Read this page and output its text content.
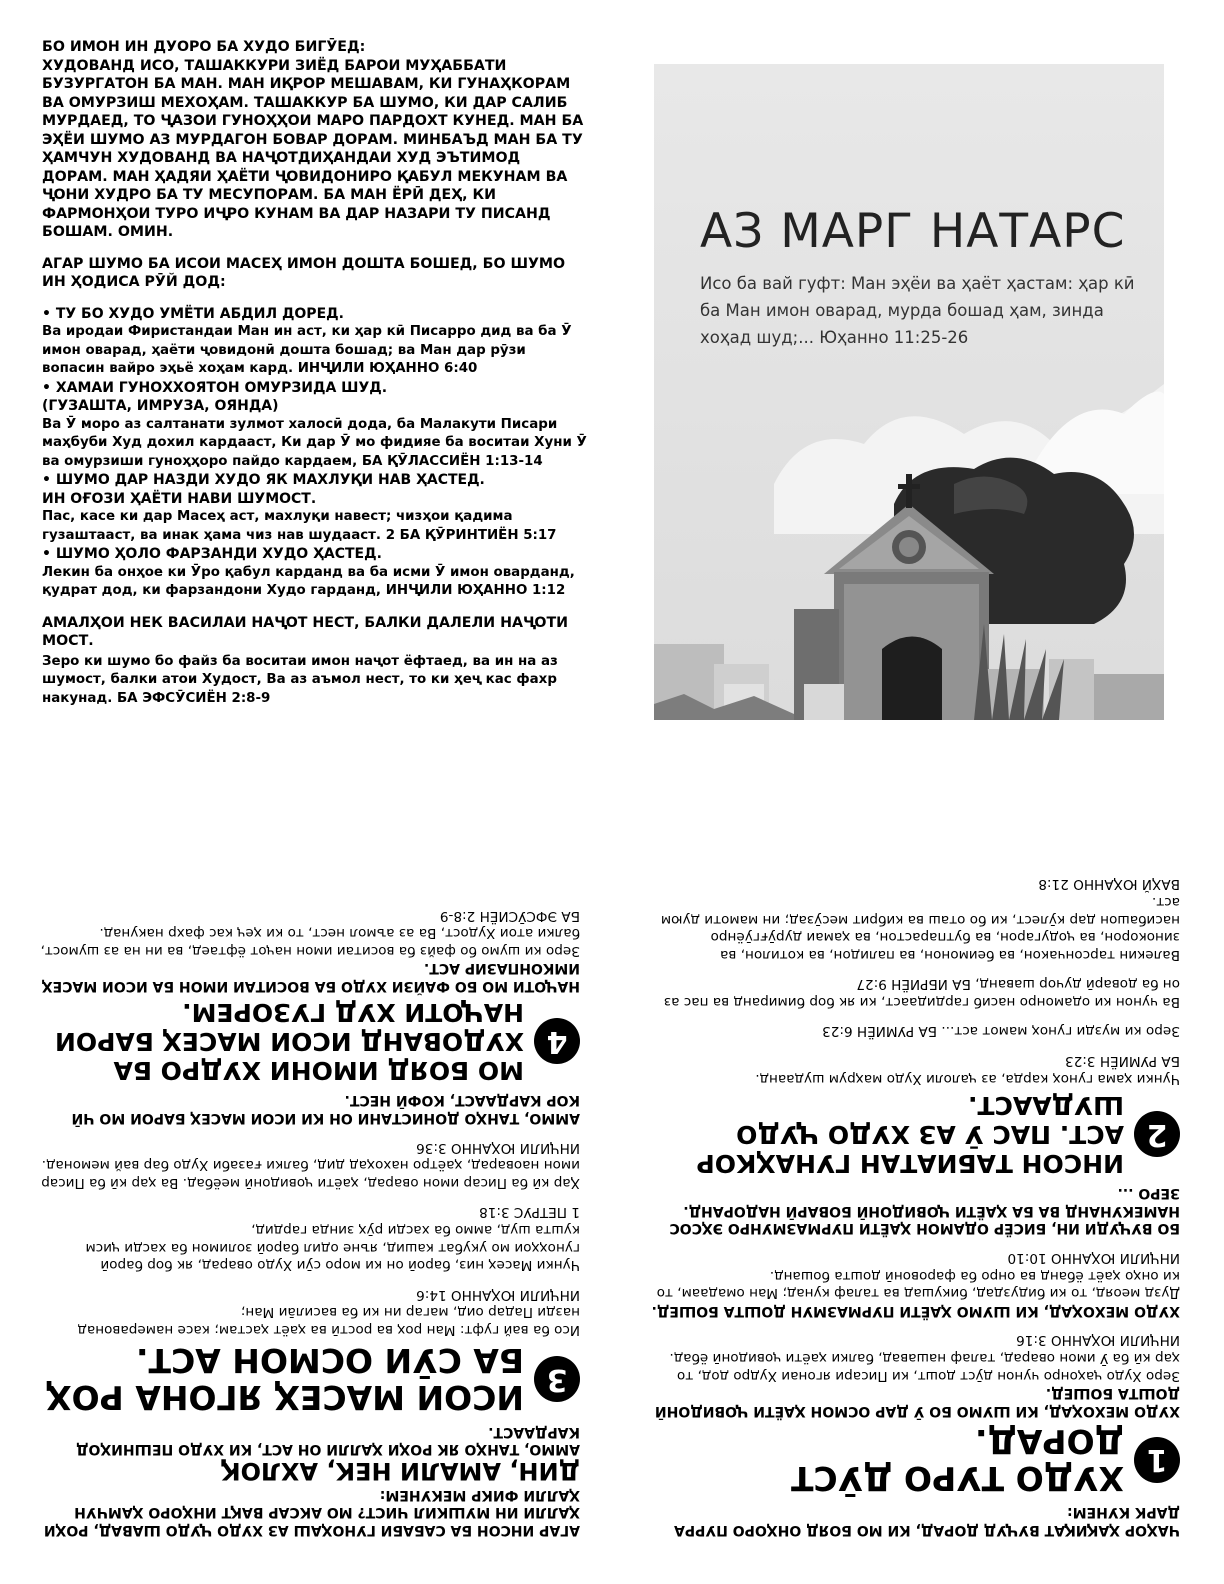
БО ИМОН ИН ДУОРО БА ХУДО БИГӮЕД:
ХУДОВАНД ИСО, ТАШАККУРИ ЗИЁД БАРОИ МУҲАББАТИ БУЗУРГАТОН БА МАН. МАН ИҚРОР МЕШАВАМ, КИ ГУНАҲКОРАМ ВА ОМУРЗИШ МЕХОҲАМ. ТАШАККУР БА ШУМО, КИ ДАР САЛИБ МУРДАЕД, ТО ҶАЗОИ ГУНОҲҲОИ МАРО ПАРДОХТ КУНЕД. МАН БА ЭҲЁИ ШУМО АЗ МУРДАГОН БОВАР ДОРАМ. МИНБАЪД МАН БА ТУ ҲАМЧУН ХУДОВАНД ВА НАҶОТДИҲАНДАИ ХУД ЭЪТИМОД ДОРАМ. МАН ҲАДЯИ ҲАЁТИ ҶОВИДОНИРО ҚАБУЛ МЕКУНАМ ВА ҶОНИ ХУДРО БА ТУ МЕСУПОРАМ. БА МАН ЁРӢ ДЕҲ, КИ ФАРМОНҲОИ ТУРО ИҶРО КУНАМ ВА ДАР НАЗАРИ ТУ ПИСАНД БОШАМ. ОМИН.

АГАР ШУМО БА ИСОИ МАСЕҲ ИМОН ДОШТА БОШЕД, БО ШУМО ИН ҲОДИСА РӮЙ ДОД:

• ТУ БО ХУДО УМЁТИ АБДИЛ ДОРЕД.

Ва иродаи Фиристандаи Ман ин аст, ки ҳар кӣ Писарро дид ва ба Ӯ имон оварад, ҳаёти ҷовидонӣ дошта бошад; ва Ман дар рӯзи вопасин вайро эҳьё хоҳам кард. ИНҶИЛИ ЮҲАННО 6:40

• ХАМАИ ГУНОХХОЯТОН ОМУРЗИДА ШУД.

(ГУЗАШТА, ИМРУЗА, ОЯНДА)

Ва Ӯ моро аз салтанати зулмот халосӣ дода, ба Малакути Писари маҳбуби Худ дохил кардааст, Ки дар Ӯ мо фидияе ба воситаи Хуни Ӯ ва омурзиши гуноҳҳоро пайдо кардаем, БА ҚӮЛАССИЁН 1:13-14

• ШУМО ДАР НАЗДИ ХУДО ЯК МАХЛУҚИ НАВ ҲАСТЕД.

ИН ОҒОЗИ ҲАЁТИ НАВИ ШУМОСТ.

Пас, касе ки дар Масеҳ аст, махлуқи навест; чизҳои қадима гузаштааст, ва инак ҳама чиз нав шудааст. 2 БА ҚӮРИНТИЁН 5:17

• ШУМО ҲОЛО ФАРЗАНДИ ХУДО ҲАСТЕД.

Лекин ба онҳое ки Ӯро қабул карданд ва ба исми Ӯ имон оварданд, қудрат дод, ки фарзандони Худо гарданд, ИНҶИЛИ ЮҲАННО 1:12

АМАЛҲОИ НЕК ВАСИЛАИ НАҶОТ НЕСТ, БАЛКИ ДАЛЕЛИ НАҶОТИ МОСТ.

Зеро ки шумо бо файз ба воситаи имон наҷот ёфтаед, ва ин на аз шумост, балки атои Худост, Ва аз аъмол нест, то ки ҳеҷ кас фахр накунад. БА ЭФСӮСИЁН 2:8-9

АЗ МАРГ НАТАРС
Исо ба вай гуфт: Ман эҳёи ва ҳаёт ҳастам: ҳар кӣ ба Ман имон оварад, мурда бошад ҳам, зинда хоҳад шуд;... Юҳанно 11:25-26

АГАР ИНСОН БА САБАБИ ГУНОҲАШ АЗ ХУДО ҶУДО ШАВАД, РОҲИ ҲАЛЛИ ИН МУШКИЛ ЧИСТ? МО АКСАР ВАҚТ ИНҲОРО ҲАМЧУН ҲАЛЛИ ФИКР МЕКУНЕМ:

ДИН, АМАЛИ НЕК, АХЛОҚ

АММО, ТАНҲО ЯК РОҲИ ҲАЛЛИ ОН АСТ, КИ ХУДО ПЕШНИҲОД КАРДААСТ.

3
ИСОИ МАСЕҲ ЯГОНА РОҲ БА СӮИ ОСМОН АСТ.

Исо ба вай гуфт: Ман роҳ ва ростӣ ва ҳаёт ҳастам; касе намеравонад назди Падар оид, магар ин ки ба васила̄и Ман;

ИНҶИЛИ ЮҲАННО 14:6

Чунки Масеҳ низ, бароӣ он ки моро сӯи Худо оварад, як бор бароӣ гуноҳҳои мо укубат кашид, яъне одил бароӣ золимон ба хасди ҷисм кушта шуд, аммо ба хасди рӯҳ зинда гардид,

1 ПЕТРУС 3:18

Ҳар кӣ ба Писар имон оварад, ҳаёти ҷовидонӣ меёбад. Ва ҳар кӣ ба Писар имон наоварад, ҳаётро нахоҳад дид, балки ғазаби Худо бар вай мемонад.

ИНҶИЛИ ЮҲАННО 3:36

АММО, ТАНҲО ДОНИСТАНИ ОН КИ ИСОИ МАСЕҲ БАРОИ МО ЧӢ КОР КАРДААСТ, КОФӢ НЕСТ.

4
МО БОЯД ИМОНИ ХУДРО БА ХУДОВАНД ИСОИ МАСЕҲ БАРОИ НАҶОТИ ХУД ГУЗОРЕМ.

НАҶОТИ МО БО ФАЙЗИ ХУДО БА ВОСИТАИ ИМОН БА ИСОИ МАСЕҲ ИМКОНПАЗИР АСТ.

Зеро ки шумо бо файз ба воситаи имон наҷот ёфтаед, ва ин на аз шумост, балки атои Худост, Ва аз аъмол нест, то ки ҳеҷ кас фахр накунад.

БА ЭФСӮСИЁН 2:8-9

ЧАҲОР ҲАҚИҚАТ ВУҶУД ДОРАД, КИ МО БОЯД ОНҲОРО ПУРРА ДАРК КУНЕМ:

1
ХУДО ТУРО ДӮСТ ДОРАД.

ХУДО МЕХОҲАД, КИ ШУМО БО Ӯ ДАР ОСМОН ҲАЁТИ ҶОВИДОНӢ ДОШТА БОШЕД.

Зеро Худо ҷаҳонро чунон дӯст дошт, ки Писари ягонаи Худро дод, то ҳар кӣ ба Ӯ имон оварад, талаф нашавад, балки ҳаёти ҷовидонӣ ёбад.

ИНҶИЛИ ЮҲАННО 3:16

ХУДО МЕХОҲАД, КИ ШУМО ҲАЁТИ ПУРМАЗМУН ДОШТА БОШЕД.

Дузд меояд, то ки бидуздад, бикушад ва талаф кунад; Ман омадаам, то ки онҳо ҳаёт ёбанд ва онро ба фаровонӣ дошта бошанд.

ИНҶИЛИ ЮҲАННО 10:10

БО ВУҶУДИ ИН, БИСЁР ОДАМОН ҲАЁТИ ПУРМАЗМУНРО ЭҲСОС НАМЕКУНАНД ВА БА ҲАЁТИ ҶОВИДОНӢ БОВАРӢ НАДОРАНД. ЗЕРО ...

2
ИНСОН ТАБИАТАН ГУНАҲКОР АСТ. ПАС Ӯ АЗ ХУДО ҶУДО ШУДААСТ.

Чунки ҳама гуноҳ карда, аз ҷалоли Худо маҳрум шудаанд.

БА РУМИЁН 3:23

Зеро ки музди гуноҳ мамот аст... БА РУМИЁН 6:23

Ва чунон ки одамонро насиб гардидааст, ки як бор бимиранд ва пас аз он ба доварӣ дучор шаванд, БА ИБРИЁН 9:27

Валекин тарсончакон, ва беимонон, ва палидон, ва котилон, ва зинокорон, ва ҷодугарон, ва бутпарастон, ва ҳамаи дурӯғгӯёнро насибашон дар кӯлест, ки бо оташ ва кибрит месӯзад; ин мамоти дуюм аст.

ВАҲЙ ЮҲАННО 21:8
